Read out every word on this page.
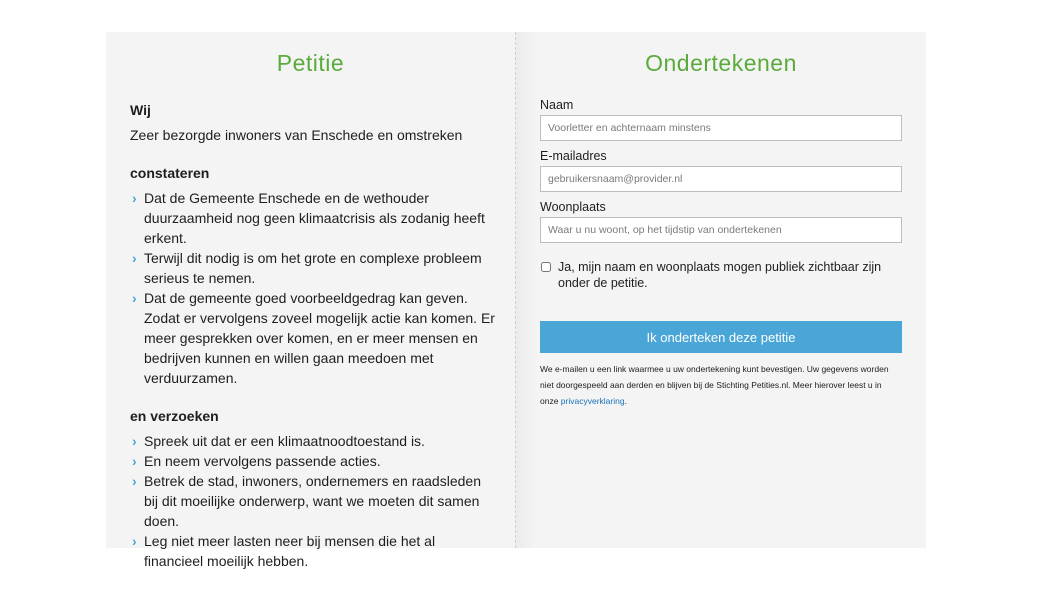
Petitie
Wij
Zeer bezorgde inwoners van Enschede en omstreken
constateren
› Dat de Gemeente Enschede en de wethouder duurzaamheid nog geen klimaatcrisis als zodanig heeft erkent.
› Terwijl dit nodig is om het grote en complexe probleem serieus te nemen.
› Dat de gemeente goed voorbeeldgedrag kan geven. Zodat er vervolgens zoveel mogelijk actie kan komen. Er meer gesprekken over komen, en er meer mensen en bedrijven kunnen en willen gaan meedoen met verduurzamen.
en verzoeken
› Spreek uit dat er een klimaatnoodtoestand is.
› En neem vervolgens passende acties.
› Betrek de stad, inwoners, ondernemers en raadsleden bij dit moeilijke onderwerp, want we moeten dit samen doen.
› Leg niet meer lasten neer bij mensen die het al financieel moeilijk hebben.
Ondertekenen
Naam
Voorletter en achternaam minstens
E-mailadres
gebruikersnaam@provider.nl
Woonplaats
Waar u nu woont, op het tijdstip van ondertekenen
Ja, mijn naam en woonplaats mogen publiek zichtbaar zijn onder de petitie.
Ik onderteken deze petitie

We e-mailen u een link waarmee u uw ondertekening kunt bevestigen. Uw gegevens worden niet doorgespeeld aan derden en blijven bij de Stichting Petities.nl. Meer hierover leest u in onze privacyverklaring.
